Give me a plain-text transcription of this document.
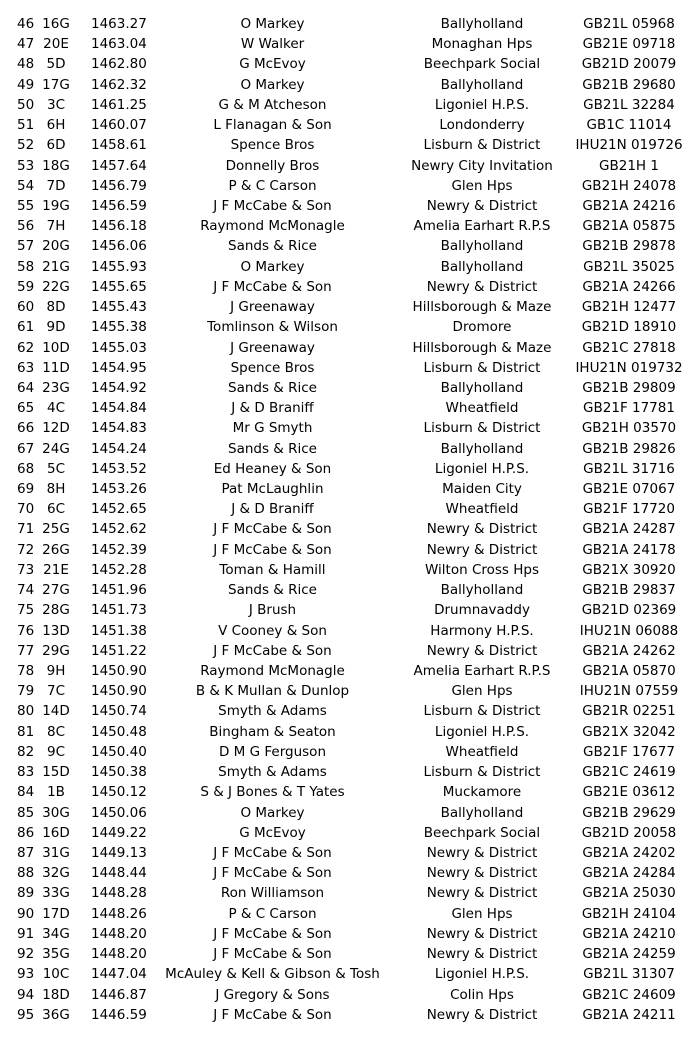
46 16G 1463.27	O Markey	Ballyholland	GB21L 05968
47 20E 1463.04	W Walker	Monaghan Hps	GB21E 09718
48 5D	1462.80	G McEvoy	Beechpark Social	GB21D 20079
49 17G 1462.32	O Markey	Ballyholland	GB21B 29680
50 3C	1461.25	G & M Atcheson	Ligoniel H.P.S.	GB21L 32284
51 6H	1460.07	L Flanagan & Son	Londonderry	GB1C 11014
52 6D	1458.61	Spence Bros	Lisburn & District	IHU21N 019726
53 18G 1457.64	Donnelly Bros	Newry City Invitation	GB21H 1
54 7D	1456.79	P & C Carson	Glen Hps	GB21H 24078
55 19G 1456.59	J F McCabe & Son	Newry & District	GB21A 24216
56 7H	1456.18	Raymond McMonagle	Amelia Earhart R.P.S	GB21A 05875
57 20G 1456.06	Sands & Rice	Ballyholland	GB21B 29878
58 21G 1455.93	O Markey	Ballyholland	GB21L 35025
59 22G 1455.65	J F McCabe & Son	Newry & District	GB21A 24266
60 8D	1455.43	J Greenaway	Hillsborough & Maze	GB21H 12477
61 9D	1455.38	Tomlinson & Wilson	Dromore	GB21D 18910
62 10D 1455.03	J Greenaway	Hillsborough & Maze	GB21C 27818
63 11D 1454.95	Spence Bros	Lisburn & District	IHU21N 019732
64 23G 1454.92	Sands & Rice	Ballyholland	GB21B 29809
65 4C	1454.84	J & D Braniff	Wheatfield	GB21F 17781
66 12D 1454.83	Mr G Smyth	Lisburn & District	GB21H 03570
67 24G 1454.24	Sands & Rice	Ballyholland	GB21B 29826
68 5C	1453.52	Ed Heaney & Son	Ligoniel H.P.S.	GB21L 31716
69 8H	1453.26	Pat McLaughlin	Maiden City	GB21E 07067
70 6C	1452.65	J & D Braniff	Wheatfield	GB21F 17720
71 25G 1452.62	J F McCabe & Son	Newry & District	GB21A 24287
72 26G 1452.39	J F McCabe & Son	Newry & District	GB21A 24178
73 21E 1452.28	Toman & Hamill	Wilton Cross Hps	GB21X 30920
74 27G 1451.96	Sands & Rice	Ballyholland	GB21B 29837
75 28G 1451.73	J Brush	Drumnavaddy	GB21D 02369
76 13D 1451.38	V Cooney & Son	Harmony H.P.S.	IHU21N 06088
77 29G 1451.22	J F McCabe & Son	Newry & District	GB21A 24262
78 9H	1450.90	Raymond McMonagle	Amelia Earhart R.P.S	GB21A 05870
79 7C	1450.90	B & K Mullan & Dunlop	Glen Hps	IHU21N 07559
80 14D 1450.74	Smyth & Adams	Lisburn & District	GB21R 02251
81 8C	1450.48	Bingham & Seaton	Ligoniel H.P.S.	GB21X 32042
82 9C	1450.40	D M G Ferguson	Wheatfield	GB21F 17677
83 15D 1450.38	Smyth & Adams	Lisburn & District	GB21C 24619
84 1B	1450.12	S & J Bones & T Yates	Muckamore	GB21E 03612
85 30G 1450.06	O Markey	Ballyholland	GB21B 29629
86 16D 1449.22	G McEvoy	Beechpark Social	GB21D 20058
87 31G 1449.13	J F McCabe & Son	Newry & District	GB21A 24202
88 32G 1448.44	J F McCabe & Son	Newry & District	GB21A 24284
89 33G 1448.28	Ron Williamson	Newry & District	GB21A 25030
90 17D 1448.26	P & C Carson	Glen Hps	GB21H 24104
91 34G 1448.20	J F McCabe & Son	Newry & District	GB21A 24210
92 35G 1448.20	J F McCabe & Son	Newry & District	GB21A 24259
93 10C 1447.04	McAuley & Kell & Gibson & Tosh	Ligoniel H.P.S.	GB21L 31307
94 18D 1446.87	J Gregory & Sons	Colin Hps	GB21C 24609
95 36G 1446.59	J F McCabe & Son	Newry & District	GB21A 24211
